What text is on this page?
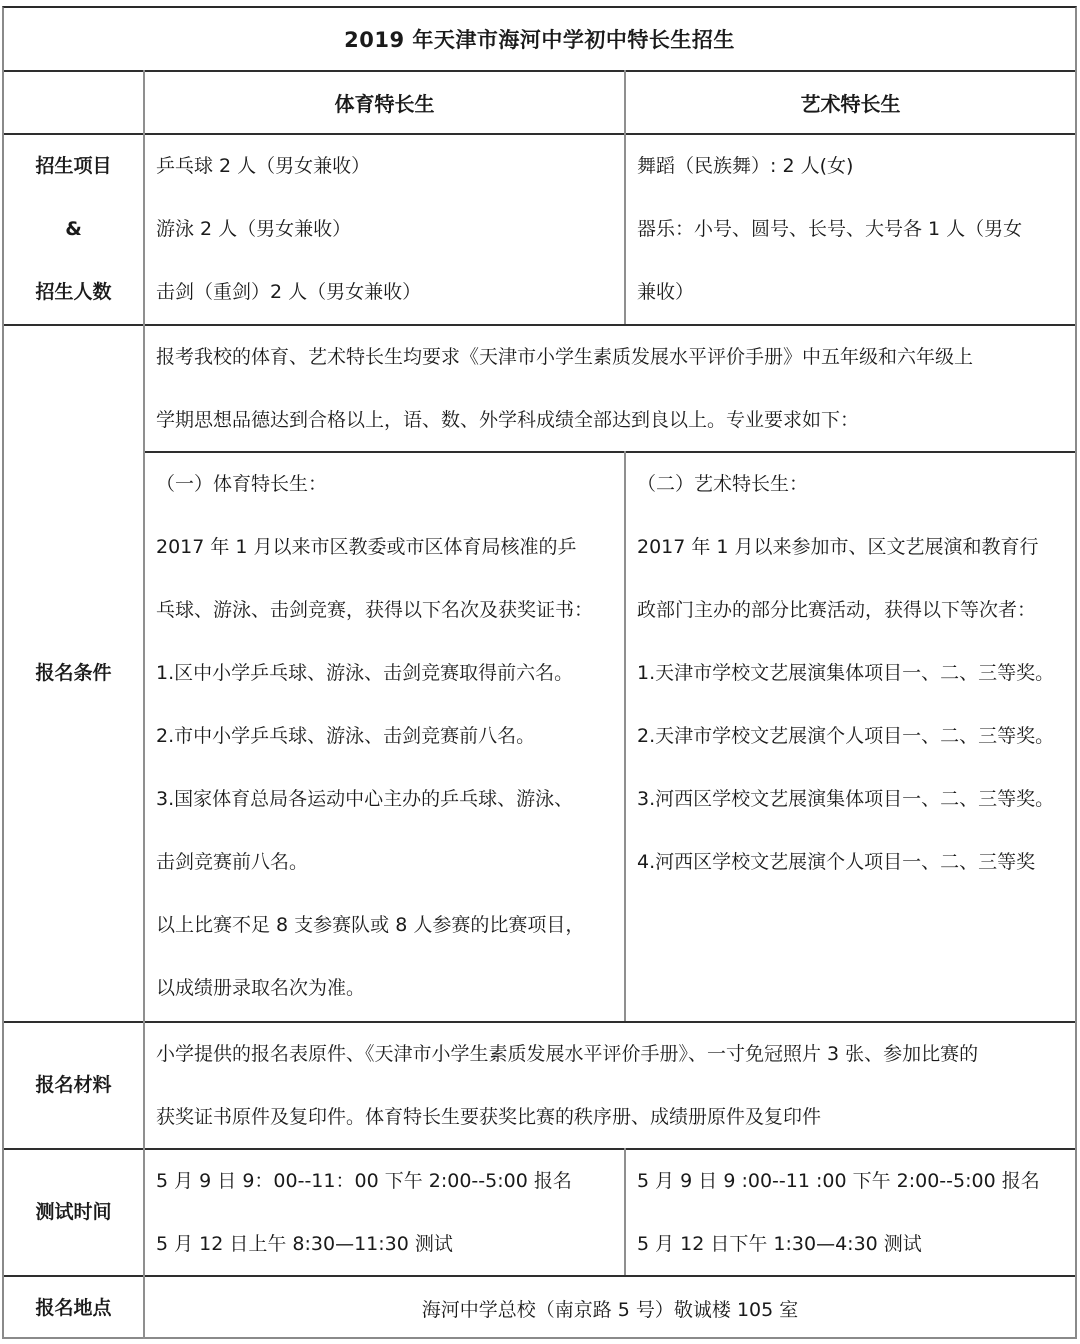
2019 年天津市海河中学初中特长生招生
体育特长生	艺术特长生
招生项目
&
招生人数
乒乓球 2 人（男女兼收）
游泳 2 人（男女兼收）
击剑（重剑）2 人（男女兼收）
舞蹈（民族舞）: 2 人(女)
器乐：小号、圆号、长号、大号各 1 人（男女
兼收）
报名条件
报考我校的体育、艺术特长生均要求《天津市小学生素质发展水平评价手册》中五年级和六年级上
学期思想品德达到合格以上，语、数、外学科成绩全部达到良以上。专业要求如下：
（一）体育特长生：
2017 年 1 月以来市区教委或市区体育局核准的乒
乓球、游泳、击剑竞赛，获得以下名次及获奖证书：
1.区中小学乒乓球、游泳、击剑竞赛取得前六名。
2.市中小学乒乓球、游泳、击剑竞赛前八名。
3.国家体育总局各运动中心主办的乒乓球、游泳、
击剑竞赛前八名。
以上比赛不足 8 支参赛队或 8 人参赛的比赛项目，
以成绩册录取名次为准。
（二）艺术特长生：
2017 年 1 月以来参加市、区文艺展演和教育行
政部门主办的部分比赛活动，获得以下等次者：
1.天津市学校文艺展演集体项目一、二、三等奖。
2.天津市学校文艺展演个人项目一、二、三等奖。
3.河西区学校文艺展演集体项目一、二、三等奖。
4.河西区学校文艺展演个人项目一、二、三等奖
报名材料
小学提供的报名表原件、《天津市小学生素质发展水平评价手册》、一寸免冠照片 3 张、参加比赛的
获奖证书原件及复印件。体育特长生要获奖比赛的秩序册、成绩册原件及复印件
测试时间
5 月 9 日 9：00--11：00 下午 2:00--5:00 报名
5 月 12 日上午 8:30—11:30 测试
5 月 9 日 9 :00--11 :00 下午 2:00--5:00 报名
5 月 12 日下午 1:30—4:30 测试
报名地点	海河中学总校（南京路 5 号）敬诚楼 105 室
